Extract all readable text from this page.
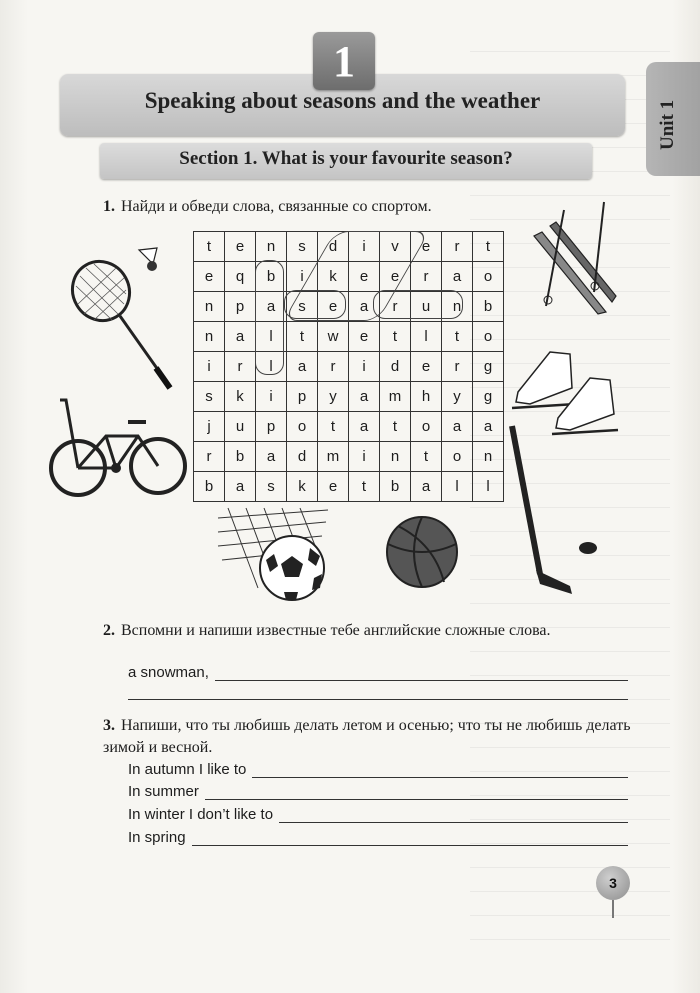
1
Speaking about seasons and the weather	Unit 1
Section 1. What is your favourite season?
1. Найди и обведи слова, связанные со спортом.
t	e	n	s	d	i	v	e	r	t
e	q	b	i	k	e	e	r	a	o
n	p	a	s	e	a	r	u	n	b
n	a	l	t	w	e	t	l	t	o
i	r	l	a	r	i	d	e	r	g
s	k	i	p	y	a	m	h	y	g
j	u	p	o	t	a	t	o	a	a
r	b	a	d	m	i	n	t	o	n
b	a	s	k	e	t	b	a	l	l
2. Вспомни и напиши известные тебе английские сложные слова.
a snowman,
3. Напиши, что ты любишь делать летом и осенью; что ты не любишь делать зимой и весной.
In autumn I like to
In summer
In winter I don’t like to
In spring
3
